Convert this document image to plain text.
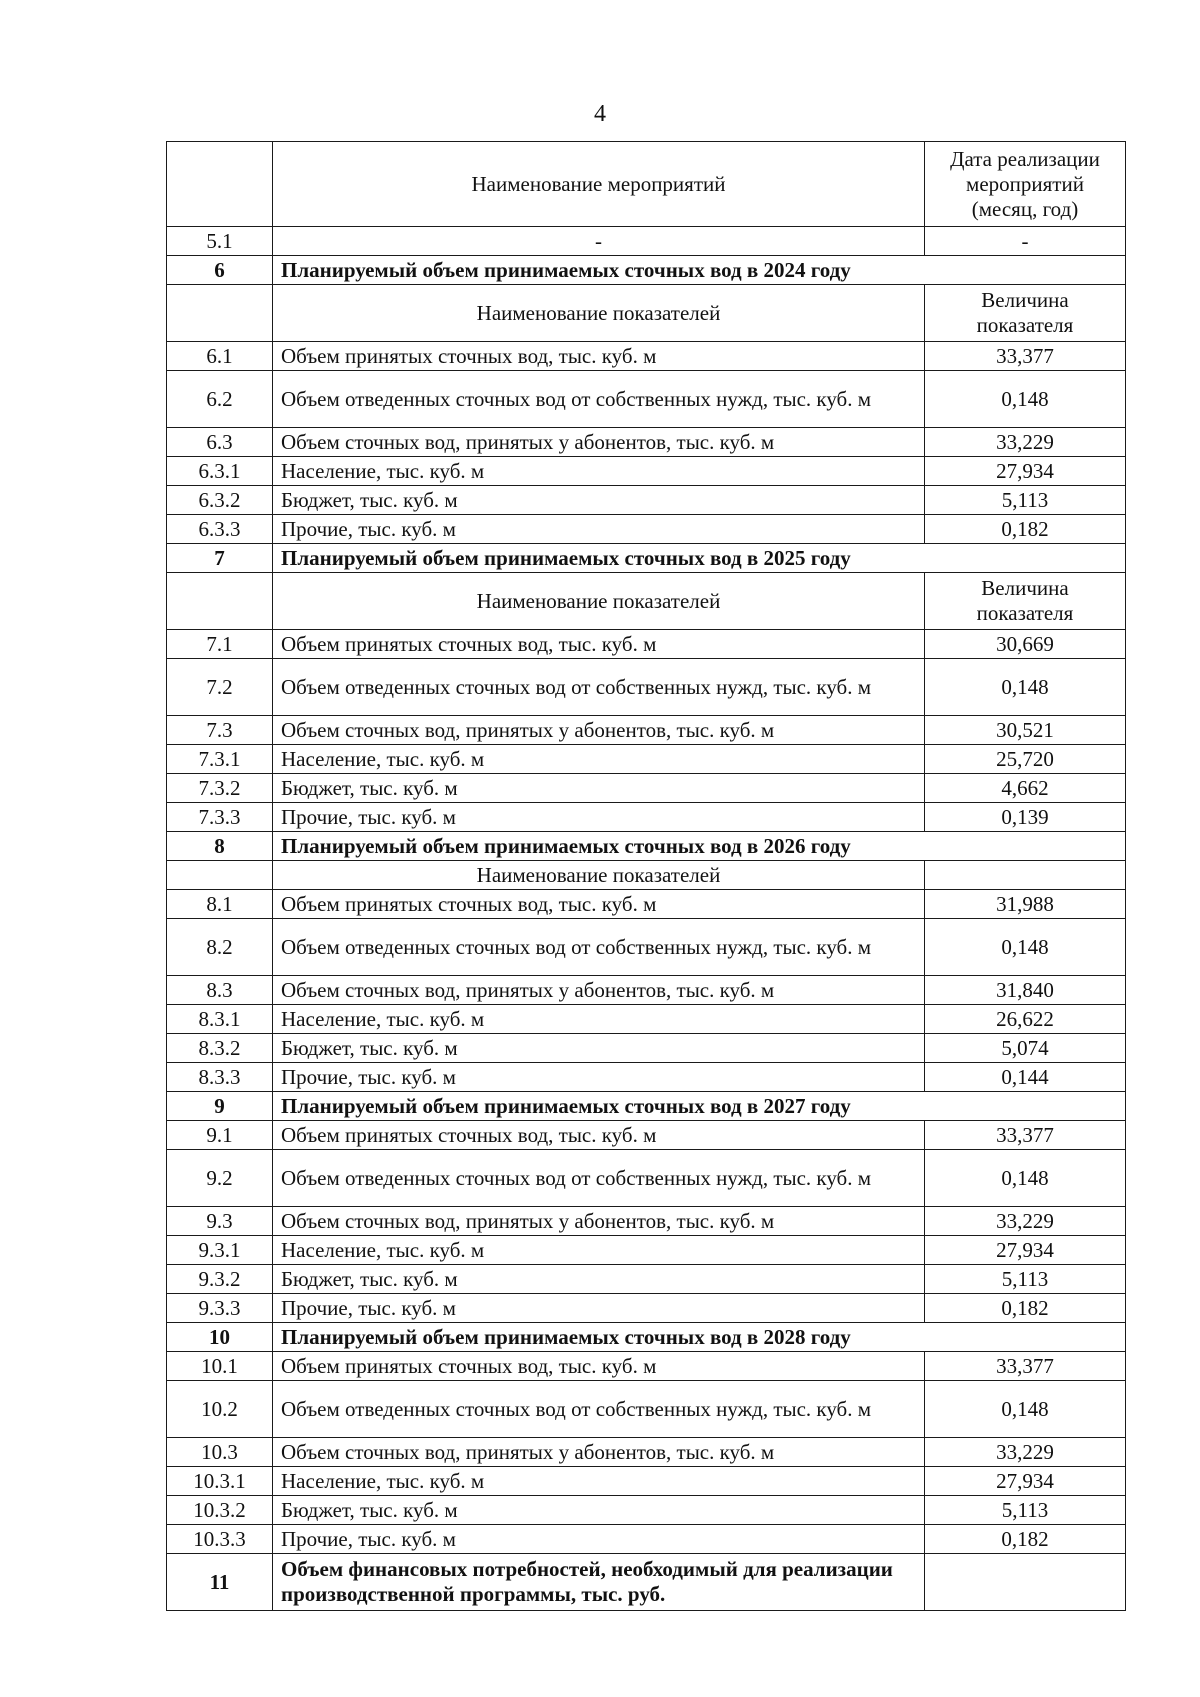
4
	Наименование мероприятий	Дата реализации мероприятий (месяц, год)
5.1	-	-
6	Планируемый объем принимаемых сточных вод в 2024 году	
	Наименование показателей	Величина показателя
6.1	Объем принятых сточных вод, тыс. куб. м	33,377
6.2	Объем отведенных сточных вод от собственных нужд, тыс. куб. м	0,148
6.3	Объем сточных вод, принятых у абонентов, тыс. куб. м	33,229
6.3.1	Население, тыс. куб. м	27,934
6.3.2	Бюджет, тыс. куб. м	5,113
6.3.3	Прочие, тыс. куб. м	0,182
7	Планируемый объем принимаемых сточных вод в 2025 году	
	Наименование показателей	Величина показателя
7.1	Объем принятых сточных вод, тыс. куб. м	30,669
7.2	Объем отведенных сточных вод от собственных нужд, тыс. куб. м	0,148
7.3	Объем сточных вод, принятых у абонентов, тыс. куб. м	30,521
7.3.1	Население, тыс. куб. м	25,720
7.3.2	Бюджет, тыс. куб. м	4,662
7.3.3	Прочие, тыс. куб. м	0,139
8	Планируемый объем принимаемых сточных вод в 2026 году	
	Наименование показателей	
8.1	Объем принятых сточных вод, тыс. куб. м	31,988
8.2	Объем отведенных сточных вод от собственных нужд, тыс. куб. м	0,148
8.3	Объем сточных вод, принятых у абонентов, тыс. куб. м	31,840
8.3.1	Население, тыс. куб. м	26,622
8.3.2	Бюджет, тыс. куб. м	5,074
8.3.3	Прочие, тыс. куб. м	0,144
9	Планируемый объем принимаемых сточных вод в 2027 году	
9.1	Объем принятых сточных вод, тыс. куб. м	33,377
9.2	Объем отведенных сточных вод от собственных нужд, тыс. куб. м	0,148
9.3	Объем сточных вод, принятых у абонентов, тыс. куб. м	33,229
9.3.1	Население, тыс. куб. м	27,934
9.3.2	Бюджет, тыс. куб. м	5,113
9.3.3	Прочие, тыс. куб. м	0,182
10	Планируемый объем принимаемых сточных вод в 2028 году	
10.1	Объем принятых сточных вод, тыс. куб. м	33,377
10.2	Объем отведенных сточных вод от собственных нужд, тыс. куб. м	0,148
10.3	Объем сточных вод, принятых у абонентов, тыс. куб. м	33,229
10.3.1	Население, тыс. куб. м	27,934
10.3.2	Бюджет, тыс. куб. м	5,113
10.3.3	Прочие, тыс. куб. м	0,182
11	Объем финансовых потребностей, необходимый для реализации производственной программы, тыс. руб.	
